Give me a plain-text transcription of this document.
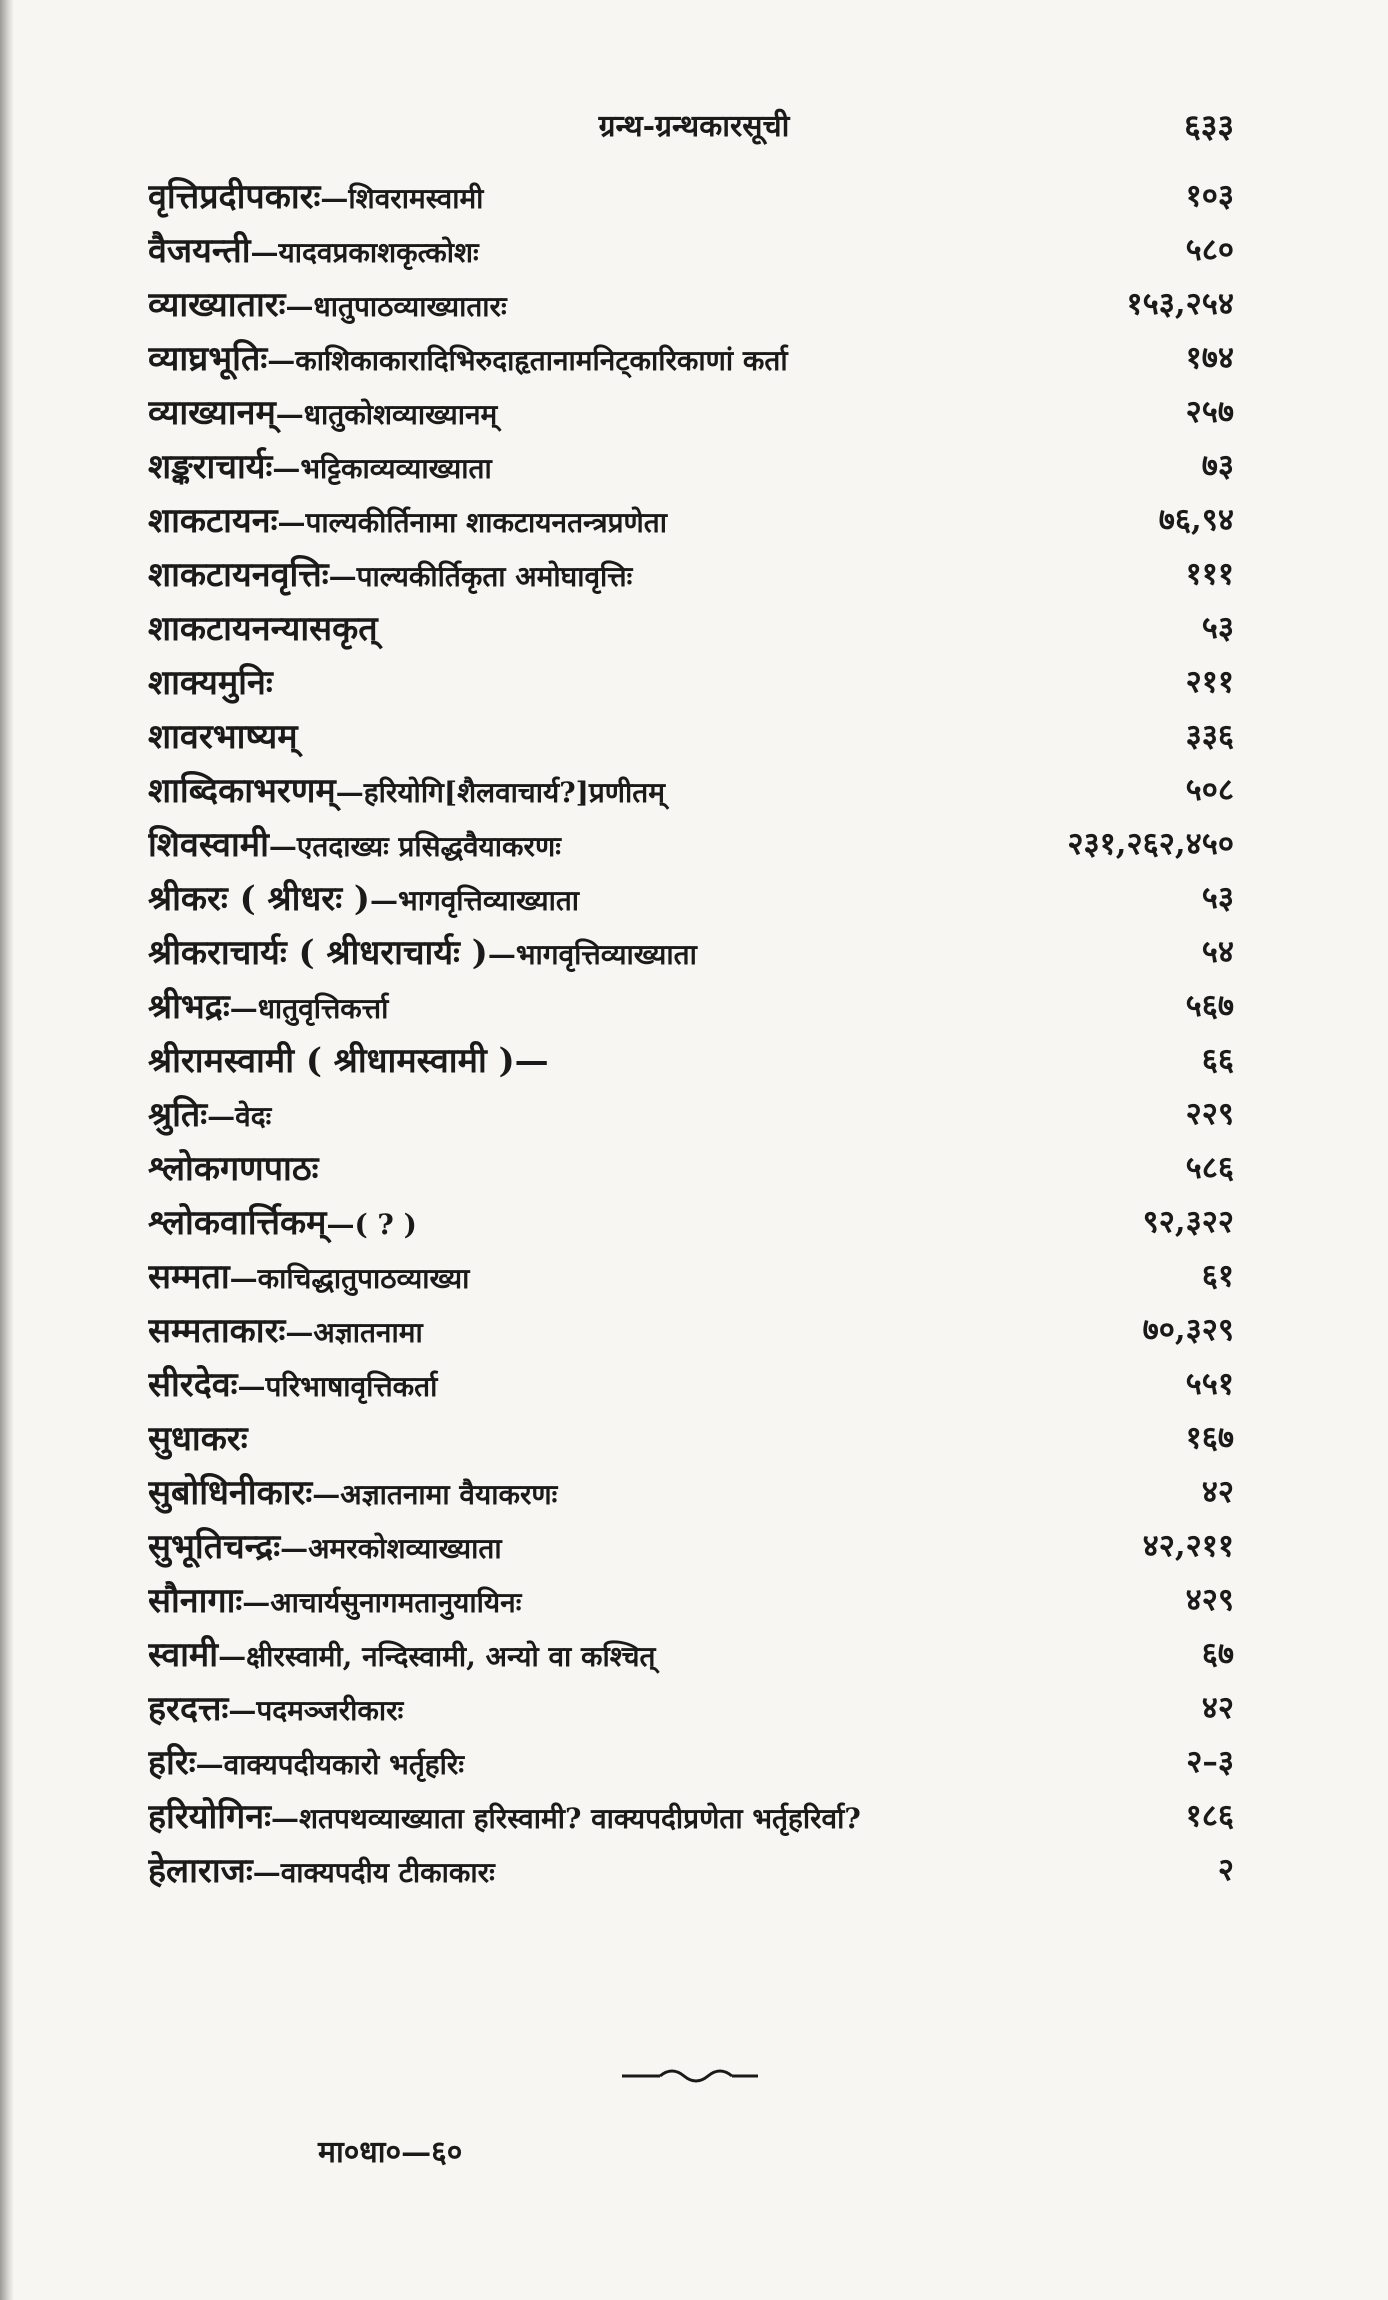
ग्रन्थ-ग्रन्थकारसूची	६३३
वृत्तिप्रदीपकारः—शिवरामस्वामी	१०३
वैजयन्ती—यादवप्रकाशकृत्कोशः	५८०
व्याख्यातारः—धातुपाठव्याख्यातारः	१५३,२५४
व्याघ्रभूतिः—काशिकाकारादिभिरुदाहृतानामनिट्कारिकाणां कर्ता	१७४
व्याख्यानम्—धातुकोशव्याख्यानम्	२५७
शङ्कराचार्यः—भट्टिकाव्यव्याख्याता	७३
शाकटायनः—पाल्यकीर्तिनामा शाकटायनतन्त्रप्रणेता	७६,९४
शाकटायनवृत्तिः—पाल्यकीर्तिकृता अमोघावृत्तिः	१११
शाकटायनन्यासकृत्	५३
शाक्यमुनिः	२११
शावरभाष्यम्	३३६
शाब्दिकाभरणम्—हरियोगि[शैलवाचार्य?]प्रणीतम्	५०८
शिवस्वामी—एतदाख्यः प्रसिद्धवैयाकरणः	२३१,२६२,४५०
श्रीकरः ( श्रीधरः )—भागवृत्तिव्याख्याता	५३
श्रीकराचार्यः ( श्रीधराचार्यः )—भागवृत्तिव्याख्याता	५४
श्रीभद्रः—धातुवृत्तिकर्त्ता	५६७
श्रीरामस्वामी ( श्रीधामस्वामी )—	६६
श्रुतिः—वेदः	२२९
श्लोकगणपाठः	५८६
श्लोकवार्त्तिकम्—( ? )	९२,३२२
सम्मता—काचिद्धातुपाठव्याख्या	६१
सम्मताकारः—अज्ञातनामा	७०,३२९
सीरदेवः—परिभाषावृत्तिकर्ता	५५१
सुधाकरः	१६७
सुबोधिनीकारः—अज्ञातनामा वैयाकरणः	४२
सुभूतिचन्द्रः—अमरकोशव्याख्याता	४२,२११
सौनागाः—आचार्यसुनागमतानुयायिनः	४२९
स्वामी—क्षीरस्वामी, नन्दिस्वामी, अन्यो वा कश्चित्	६७
हरदत्तः—पदमञ्जरीकारः	४२
हरिः—वाक्यपदीयकारो भर्तृहरिः	२–३
हरियोगिनः—शतपथव्याख्याता हरिस्वामी? वाक्यपदीप्रणेता भर्तृहरिर्वा?	१८६
हेलाराजः—वाक्यपदीय टीकाकारः	२
मा०धा०—६०
